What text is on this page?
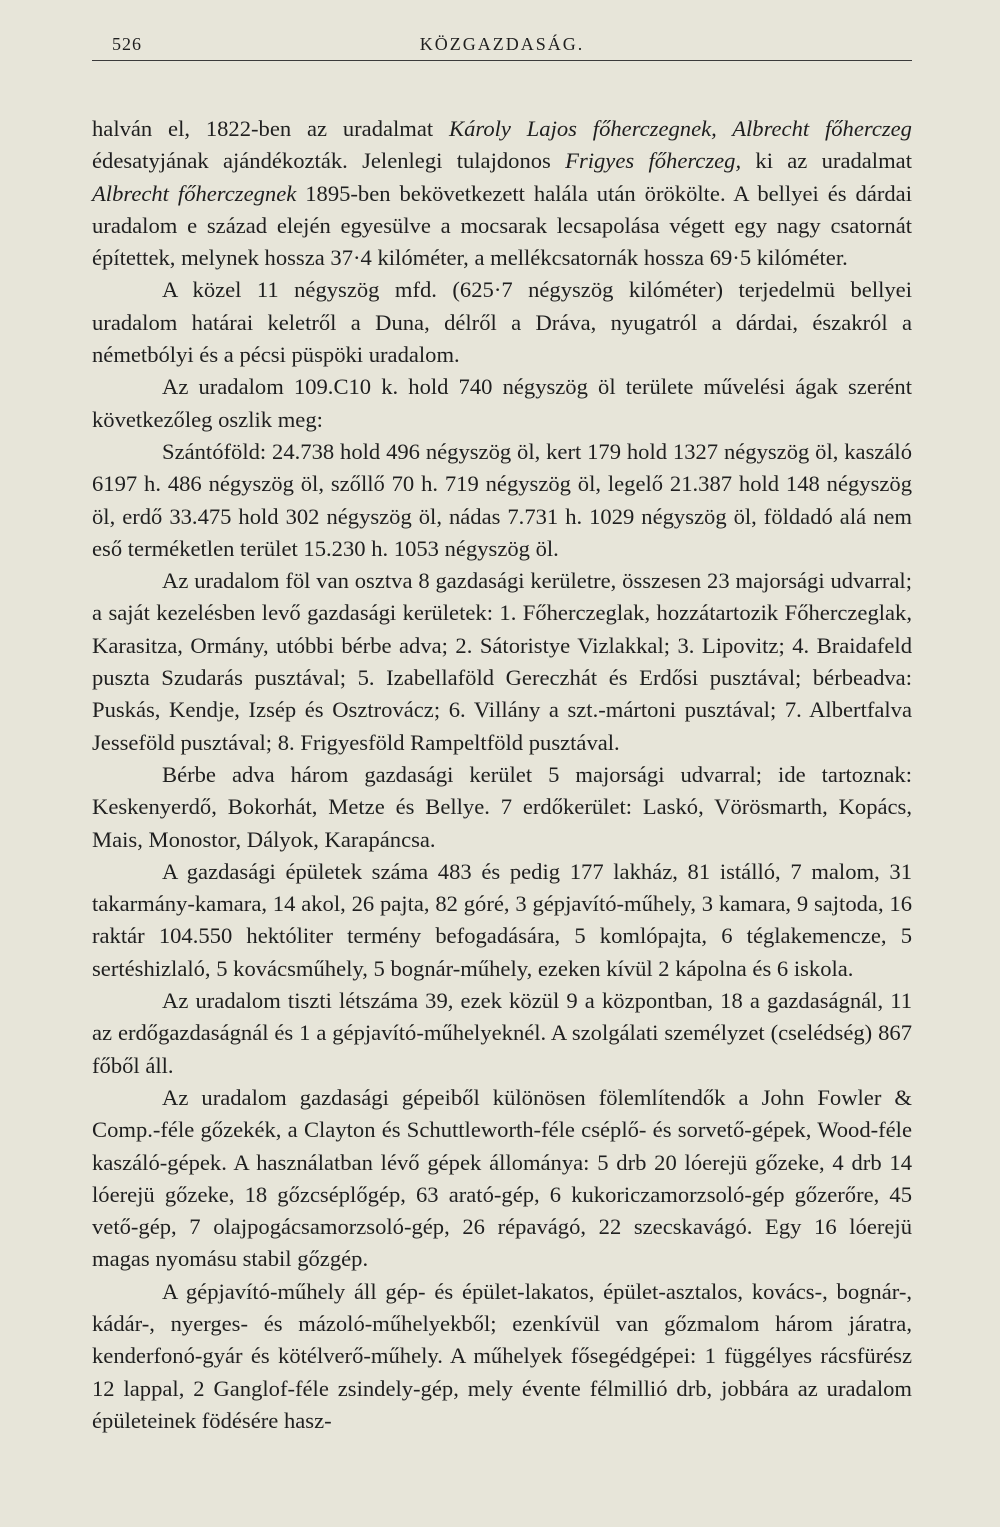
526	KÖZGAZDASÁG.

halván el, 1822-ben az uradalmat Károly Lajos főherczegnek, Albrecht főherczeg édesatyjának ajándékozták. Jelenlegi tulajdonos Frigyes főherczeg, ki az uradalmat Albrecht főherczegnek 1895-ben bekövetkezett halála után örökölte. A bellyei és dárdai uradalom e század elején egyesülve a mocsarak lecsapolása végett egy nagy csatornát építettek, melynek hossza 37·4 kilóméter, a mellékcsatornák hossza 69·5 kilóméter.

A közel 11 négyszög mfd. (625·7 négyszög kilóméter) terjedelmü bellyei uradalom határai keletről a Duna, délről a Dráva, nyugatról a dárdai, északról a németbólyi és a pécsi püspöki uradalom.

Az uradalom 109.C10 k. hold 740 négyszög öl területe művelési ágak szerént következőleg oszlik meg:

Szántóföld: 24.738 hold 496 négyszög öl, kert 179 hold 1327 négyszög öl, kaszáló 6197 h. 486 négyszög öl, szőllő 70 h. 719 négyszög öl, legelő 21.387 hold 148 négyszög öl, erdő 33.475 hold 302 négyszög öl, nádas 7.731 h. 1029 négyszög öl, földadó alá nem eső terméketlen terület 15.230 h. 1053 négyszög öl.

Az uradalom föl van osztva 8 gazdasági kerületre, összesen 23 majorsági udvarral; a saját kezelésben levő gazdasági kerületek: 1. Főherczeglak, hozzátartozik Főherczeglak, Karasitza, Ormány, utóbbi bérbe adva; 2. Sátoristye Vizlakkal; 3. Lipovitz; 4. Braidafeld puszta Szudarás pusztával; 5. Izabellaföld Gereczhát és Erdősi pusztával; bérbeadva: Puskás, Kendje, Izsép és Osztrovácz; 6. Villány a szt.-mártoni pusztával; 7. Albertfalva Jesseföld pusztával; 8. Frigyesföld Rampeltföld pusztával.

Bérbe adva három gazdasági kerület 5 majorsági udvarral; ide tartoznak: Keskenyerdő, Bokorhát, Metze és Bellye. 7 erdőkerület: Laskó, Vörösmarth, Kopács, Mais, Monostor, Dályok, Karapáncsa.

A gazdasági épületek száma 483 és pedig 177 lakház, 81 istálló, 7 malom, 31 takarmány-kamara, 14 akol, 26 pajta, 82 góré, 3 gépjavító-műhely, 3 kamara, 9 sajtoda, 16 raktár 104.550 hektóliter termény befogadására, 5 komlópajta, 6 téglakemencze, 5 sertéshizlaló, 5 kovácsműhely, 5 bognár-műhely, ezeken kívül 2 kápolna és 6 iskola.

Az uradalom tiszti létszáma 39, ezek közül 9 a központban, 18 a gazdaságnál, 11 az erdőgazdaságnál és 1 a gépjavító-műhelyeknél. A szolgálati személyzet (cselédség) 867 főből áll.

Az uradalom gazdasági gépeiből különösen fölemlítendők a John Fowler & Comp.-féle gőzekék, a Clayton és Schuttleworth-féle cséplő- és sorvető-gépek, Wood-féle kaszáló-gépek. A használatban lévő gépek állománya: 5 drb 20 lóerejü gőzeke, 4 drb 14 lóerejü gőzeke, 18 gőzcséplőgép, 63 arató-gép, 6 kukoriczamorzsoló-gép gőzerőre, 45 vető-gép, 7 olajpogácsamorzsoló-gép, 26 répavágó, 22 szecskavágó. Egy 16 lóerejü magas nyomásu stabil gőzgép.

A gépjavító-műhely áll gép- és épület-lakatos, épület-asztalos, kovács-, bognár-, kádár-, nyerges- és mázoló-műhelyekből; ezenkívül van gőzmalom három járatra, kenderfonó-gyár és kötélverő-műhely. A műhelyek fősegédgépei: 1 függélyes rácsfürész 12 lappal, 2 Ganglof-féle zsindely-gép, mely évente félmillió drb, jobbára az uradalom épületeinek födésére hasz-
